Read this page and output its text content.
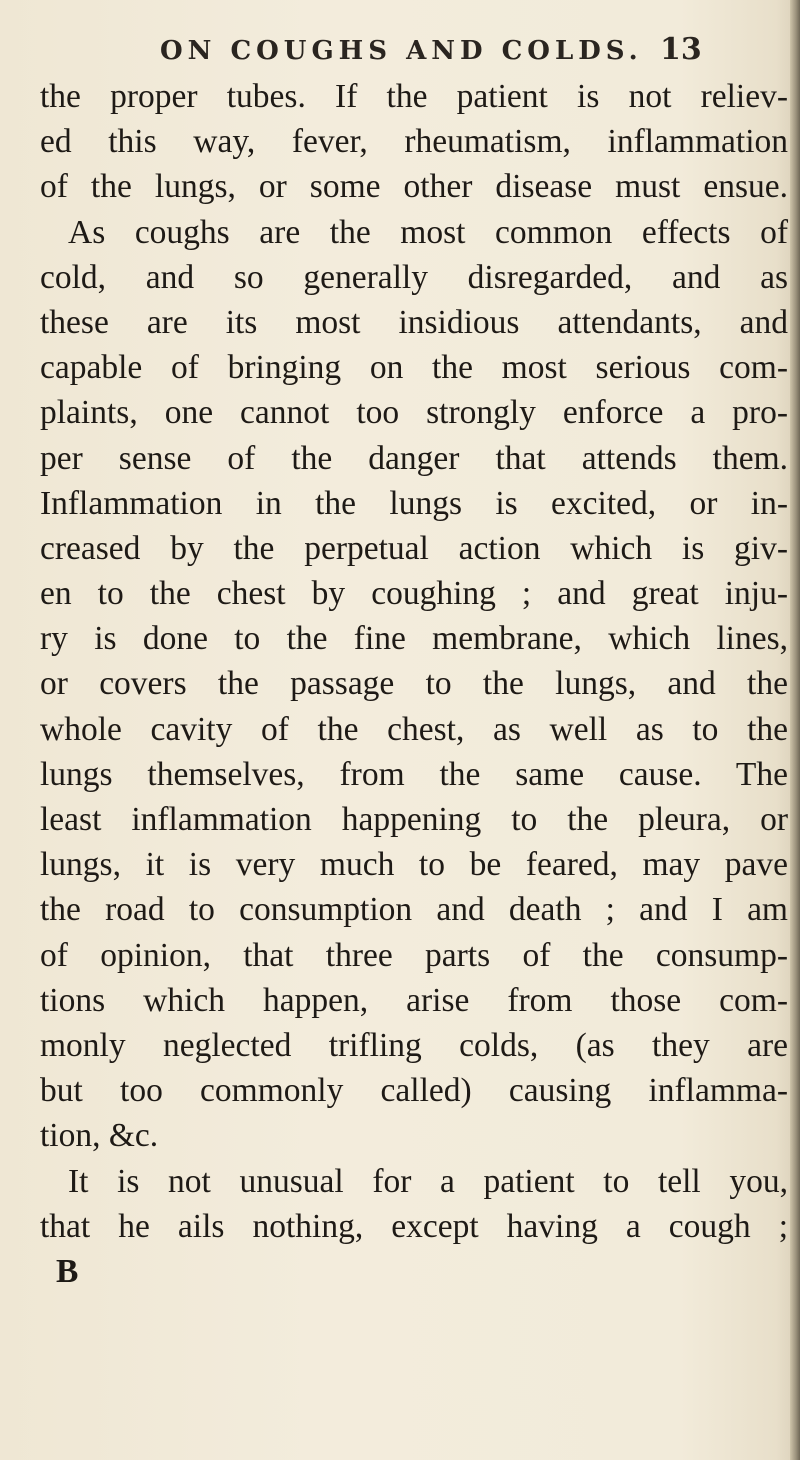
ON COUGHS AND COLDS. 13
the proper tubes. If the patient is not reliev-
ed this way, fever, rheumatism, inflammation
of the lungs, or some other disease must ensue.
As coughs are the most common effects of
cold, and so generally disregarded, and as
these are its most insidious attendants, and
capable of bringing on the most serious com-
plaints, one cannot too strongly enforce a pro-
per sense of the danger that attends them.
Inflammation in the lungs is excited, or in-
creased by the perpetual action which is giv-
en to the chest by coughing ; and great inju-
ry is done to the fine membrane, which lines,
or covers the passage to the lungs, and the
whole cavity of the chest, as well as to the
lungs themselves, from the same cause. The
least inflammation happening to the pleura, or
lungs, it is very much to be feared, may pave
the road to consumption and death ; and I am
of opinion, that three parts of the consump-
tions which happen, arise from those com-
monly neglected trifling colds, (as they are
but too commonly called) causing inflamma-
tion, &c.
It is not unusual for a patient to tell you,
that he ails nothing, except having a cough ;
B
